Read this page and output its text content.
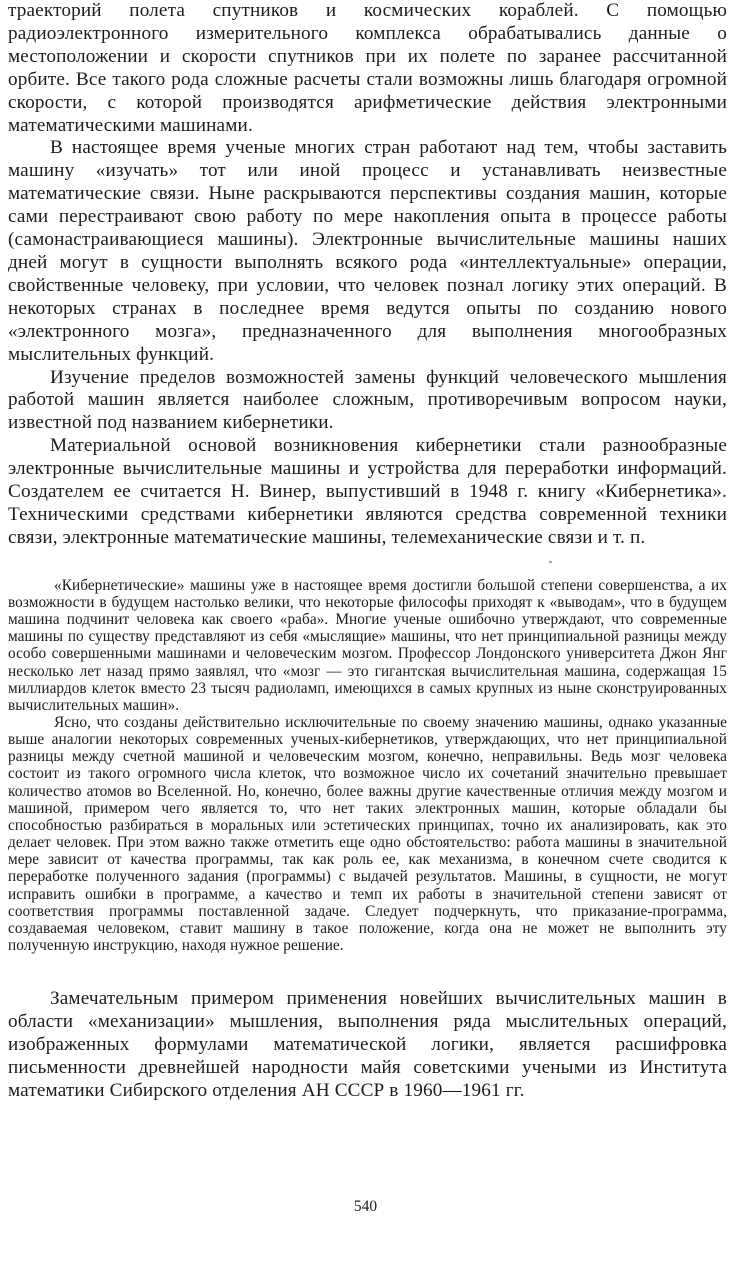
траекторий полета спутников и космических кораблей. С помощью радиоэлектронного измерительного комплекса обрабатывались данные о местоположении и скорости спутников при их полете по заранее рассчитанной орбите. Все такого рода сложные расчеты стали возможны лишь благодаря огромной скорости, с которой производятся арифметические действия электронными математическими машинами.

В настоящее время ученые многих стран работают над тем, чтобы заставить машину «изучать» тот или иной процесс и устанавливать неизвестные математические связи. Ныне раскрываются перспективы создания машин, которые сами перестраивают свою работу по мере накопления опыта в процессе работы (самонастраивающиеся машины). Электронные вычислительные машины наших дней могут в сущности выполнять всякого рода «интеллектуальные» операции, свойственные человеку, при условии, что человек познал логику этих операций. В некоторых странах в последнее время ведутся опыты по созданию нового «электронного мозга», предназначенного для выполнения многообразных мыслительных функций.

Изучение пределов возможностей замены функций человеческого мышления работой машин является наиболее сложным, противоречивым вопросом науки, известной под названием кибернетики.

Материальной основой возникновения кибернетики стали разнообразные электронные вычислительные машины и устройства для переработки информаций. Создателем ее считается Н. Винер, выпустивший в 1948 г. книгу «Кибернетика». Техническими средствами кибернетики являются средства современной техники связи, электронные математические машины, телемеханические связи и т. п.

«Кибернетические» машины уже в настоящее время достигли большой степени совершенства, а их возможности в будущем настолько велики, что некоторые философы приходят к «выводам», что в будущем машина подчинит человека как своего «раба». Многие ученые ошибочно утверждают, что современные машины по существу представляют из себя «мыслящие» машины, что нет принципиальной разницы между особо совершенными машинами и человеческим мозгом. Профессор Лондонского университета Джон Янг несколько лет назад прямо заявлял, что «мозг — это гигантская вычислительная машина, содержащая 15 миллиардов клеток вместо 23 тысяч радиоламп, имеющихся в самых крупных из ныне сконструированных вычислительных машин».

Ясно, что созданы действительно исключительные по своему значению машины, однако указанные выше аналогии некоторых современных ученых-кибернетиков, утверждающих, что нет принципиальной разницы между счетной машиной и человеческим мозгом, конечно, неправильны. Ведь мозг человека состоит из такого огромного числа клеток, что возможное число их сочетаний значительно превышает количество атомов во Вселенной. Но, конечно, более важны другие качественные отличия между мозгом и машиной, примером чего является то, что нет таких электронных машин, которые обладали бы способностью разбираться в моральных или эстетических принципах, точно их анализировать, как это делает человек. При этом важно также отметить еще одно обстоятельство: работа машины в значительной мере зависит от качества программы, так как роль ее, как механизма, в конечном счете сводится к переработке полученного задания (программы) с выдачей результатов. Машины, в сущности, не могут исправить ошибки в программе, а качество и темп их работы в значительной степени зависят от соответствия программы поставленной задаче. Следует подчеркнуть, что приказание-программа, создаваемая человеком, ставит машину в такое положение, когда она не может не выполнить эту полученную инструкцию, находя нужное решение.

Замечательным примером применения новейших вычислительных машин в области «механизации» мышления, выполнения ряда мыслительных операций, изображенных формулами математической логики, является расшифровка письменности древнейшей народности майя советскими учеными из Института математики Сибирского отделения АН СССР в 1960—1961 гг.

540
